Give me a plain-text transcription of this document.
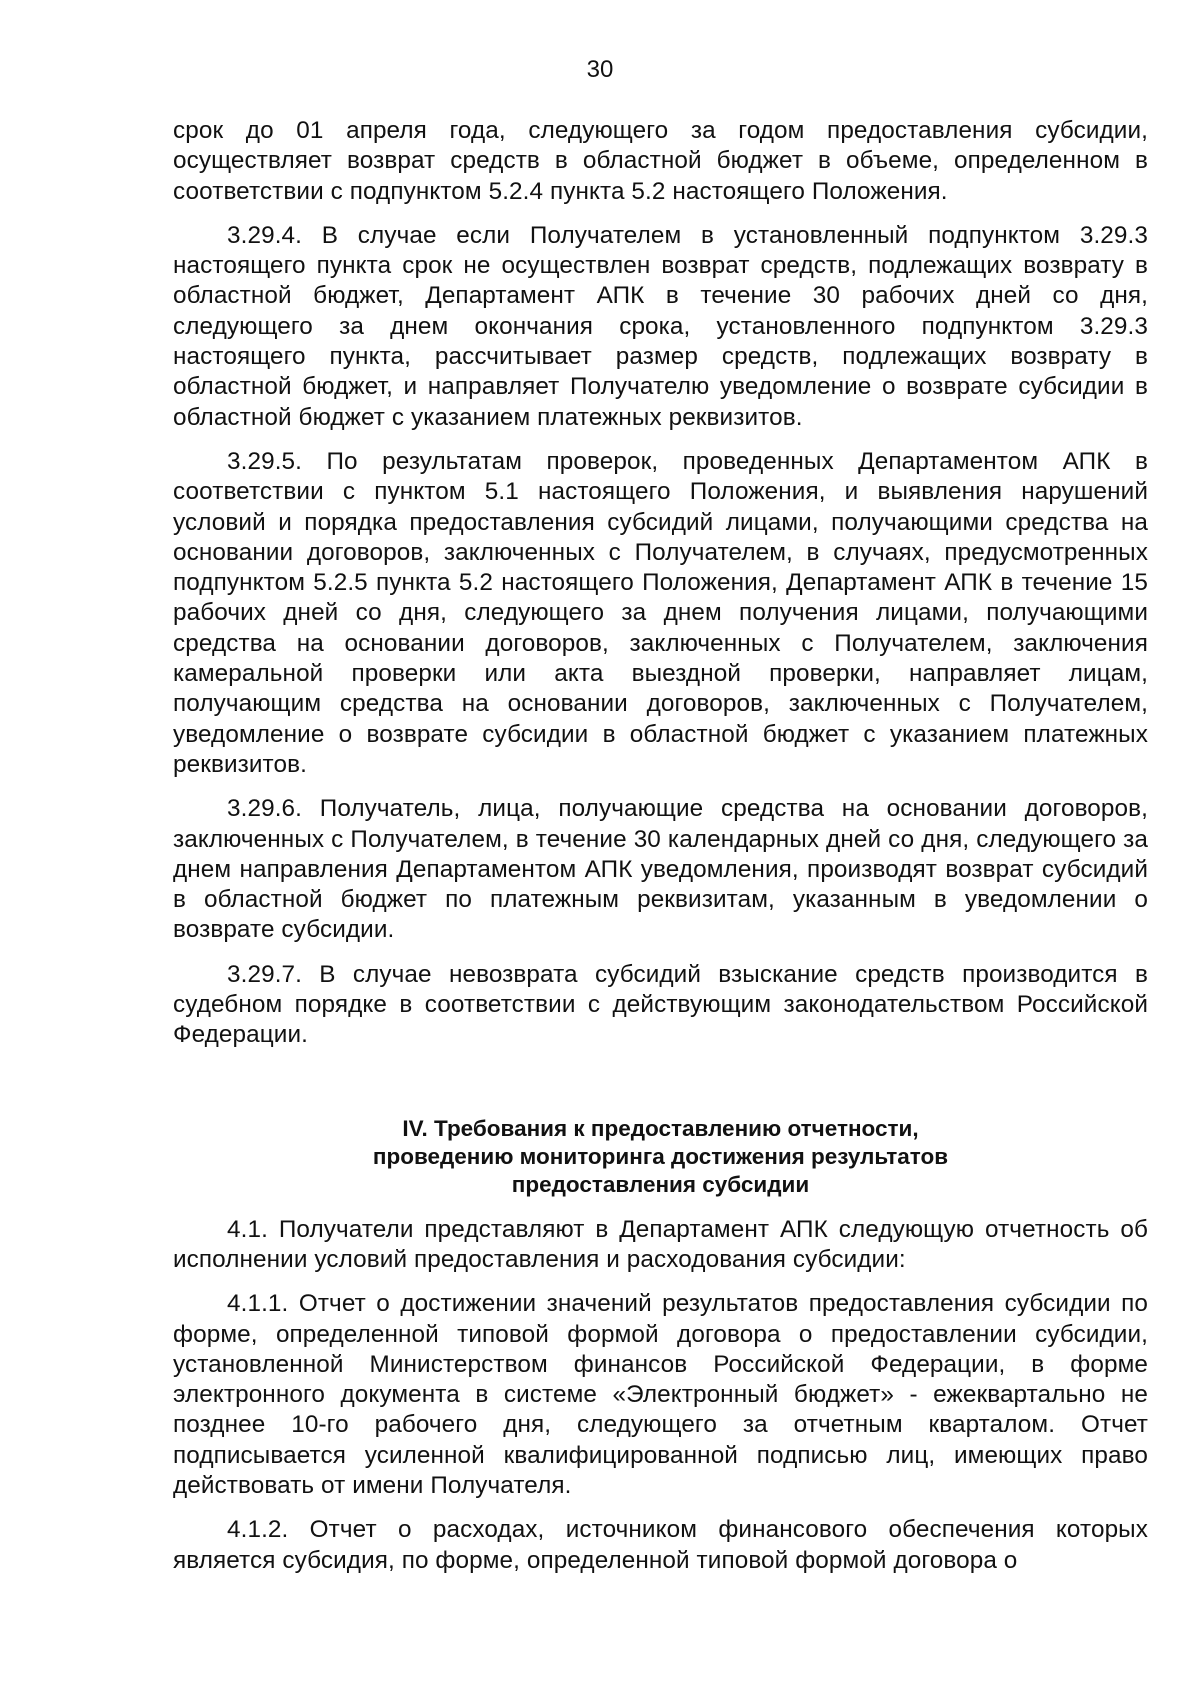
30

срок до 01 апреля года, следующего за годом предоставления субсидии, осуществляет возврат средств в областной бюджет в объеме, определенном в соответствии с подпунктом 5.2.4 пункта 5.2 настоящего Положения.

3.29.4. В случае если Получателем в установленный подпунктом 3.29.3 настоящего пункта срок не осуществлен возврат средств, подлежащих возврату в областной бюджет, Департамент АПК в течение 30 рабочих дней со дня, следующего за днем окончания срока, установленного подпунктом 3.29.3 настоящего пункта, рассчитывает размер средств, подлежащих возврату в областной бюджет, и направляет Получателю уведомление о возврате субсидии в областной бюджет с указанием платежных реквизитов.

3.29.5. По результатам проверок, проведенных Департаментом АПК в соответствии с пунктом 5.1 настоящего Положения, и выявления нарушений условий и порядка предоставления субсидий лицами, получающими средства на основании договоров, заключенных с Получателем, в случаях, предусмотренных подпунктом 5.2.5 пункта 5.2 настоящего Положения, Департамент АПК в течение 15 рабочих дней со дня, следующего за днем получения лицами, получающими средства на основании договоров, заключенных с Получателем, заключения камеральной проверки или акта выездной проверки, направляет лицам, получающим средства на основании договоров, заключенных с Получателем, уведомление о возврате субсидии в областной бюджет с указанием платежных реквизитов.

3.29.6. Получатель, лица, получающие средства на основании договоров, заключенных с Получателем, в течение 30 календарных дней со дня, следующего за днем направления Департаментом АПК уведомления, производят возврат субсидий в областной бюджет по платежным реквизитам, указанным в уведомлении о возврате субсидии.

3.29.7. В случае невозврата субсидий взыскание средств производится в судебном порядке в соответствии с действующим законодательством Российской Федерации.

IV. Требования к предоставлению отчетности,
проведению мониторинга достижения результатов
предоставления субсидии

4.1. Получатели представляют в Департамент АПК следующую отчетность об исполнении условий предоставления и расходования субсидии:

4.1.1. Отчет о достижении значений результатов предоставления субсидии по форме, определенной типовой формой договора о предоставлении субсидии, установленной Министерством финансов Российской Федерации, в форме электронного документа в системе «Электронный бюджет» - ежеквартально не позднее 10-го рабочего дня, следующего за отчетным кварталом. Отчет подписывается усиленной квалифицированной подписью лиц, имеющих право действовать от имени Получателя.

4.1.2. Отчет о расходах, источником финансового обеспечения которых является субсидия, по форме, определенной типовой формой договора о
